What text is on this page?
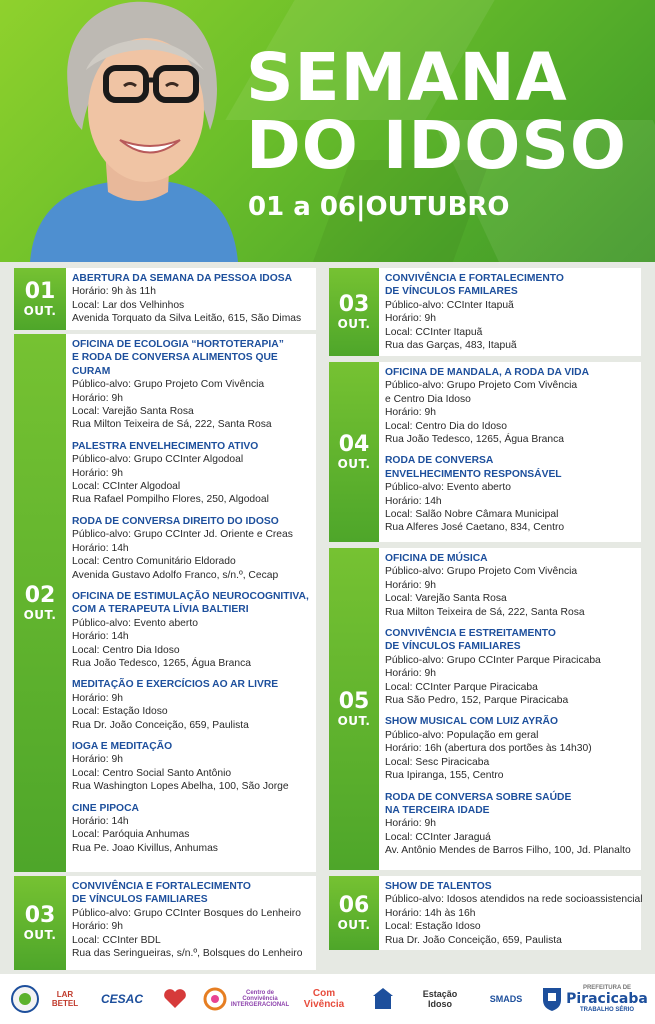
SEMANA
DO IDOSO
01 a 06|OUTUBRO
01
OUT.
ABERTURA DA SEMANA DA PESSOA IDOSA
Horário: 9h às 11h
Local: Lar dos Velhinhos
Avenida Torquato da Silva Leitão, 615, São Dimas
02
OUT.
OFICINA DE ECOLOGIA “HORTOTERAPIA”
E RODA DE CONVERSA ALIMENTOS QUE CURAM
Público-alvo: Grupo Projeto Com Vivência
Horário: 9h
Local: Varejão Santa Rosa
Rua Milton Teixeira de Sá, 222, Santa Rosa
PALESTRA ENVELHECIMENTO ATIVO
Público-alvo: Grupo CCInter Algodoal
Horário: 9h
Local: CCInter Algodoal
Rua Rafael Pompilho Flores, 250, Algodoal
RODA DE CONVERSA DIREITO DO IDOSO
Público-alvo: Grupo CCInter Jd. Oriente e Creas
Horário: 14h
Local: Centro Comunitário Eldorado
Avenida Gustavo Adolfo Franco, s/n.º, Cecap
OFICINA DE ESTIMULAÇÃO NEUROCOGNITIVA,
COM A TERAPEUTA LÍVIA BALTIERI
Público-alvo: Evento aberto
Horário: 14h
Local: Centro Dia Idoso
Rua João Tedesco, 1265, Água Branca
MEDITAÇÃO E EXERCÍCIOS AO AR LIVRE
Horário: 9h
Local: Estação Idoso
Rua Dr. João Conceição, 659, Paulista
IOGA E MEDITAÇÃO
Horário: 9h
Local: Centro Social Santo Antônio
Rua Washington Lopes Abelha, 100, São Jorge
CINE PIPOCA
Horário: 14h
Local: Paróquia Anhumas
Rua Pe. Joao Kivillus, Anhumas
03
OUT.
CONVIVÊNCIA E FORTALECIMENTO
DE VÍNCULOS FAMILIARES
Público-alvo: Grupo CCInter Bosques do Lenheiro
Horário: 9h
Local: CCInter BDL
Rua das Seringueiras, s/n.º, Bolsques do Lenheiro
03
OUT.
CONVIVÊNCIA E FORTALECIMENTO
DE VÍNCULOS FAMILARES
Público-alvo: CCInter Itapuã
Horário: 9h
Local: CCInter Itapuã
Rua das Garças, 483, Itapuã
04
OUT.
OFICINA DE MANDALA, A RODA DA VIDA
Público-alvo: Grupo Projeto Com Vivência
e Centro Dia Idoso
Horário: 9h
Local: Centro Dia do Idoso
Rua João Tedesco, 1265, Água Branca
RODA DE CONVERSA
ENVELHECIMENTO RESPONSÁVEL
Público-alvo: Evento aberto
Horário: 14h
Local: Salão Nobre Câmara Municipal
Rua Alferes José Caetano, 834, Centro
05
OUT.
OFICINA DE MÚSICA
Público-alvo: Grupo Projeto Com Vivência
Horário: 9h
Local: Varejão Santa Rosa
Rua Milton Teixeira de Sá, 222, Santa Rosa
CONVIVÊNCIA E ESTREITAMENTO
DE VÍNCULOS FAMILIARES
Público-alvo: Grupo CCInter Parque Piracicaba
Horário: 9h
Local: CCInter Parque Piracicaba
Rua São Pedro, 152, Parque Piracicaba
SHOW MUSICAL COM LUIZ AYRÃO
Público-alvo: População em geral
Horário: 16h (abertura dos portões às 14h30)
Local: Sesc Piracicaba
Rua Ipiranga, 155, Centro
RODA DE CONVERSA SOBRE SAÚDE
NA TERCEIRA IDADE
Horário: 9h
Local: CCInter Jaraguá
Av. Antônio Mendes de Barros Filho, 100, Jd. Planalto
06
OUT.
SHOW DE TALENTOS
Público-alvo: Idosos atendidos na rede socioassistencial
Horário: 14h às 16h
Local: Estação Idoso
Rua Dr. João Conceição, 659, Paulista
LAR BETEL	CESAC	Centro de Convivência INTERGERACIONAL
Com Vivência
Estação Idoso	SMADS
PREFEITURA DE
Piracicaba
TRABALHO SÉRIO
